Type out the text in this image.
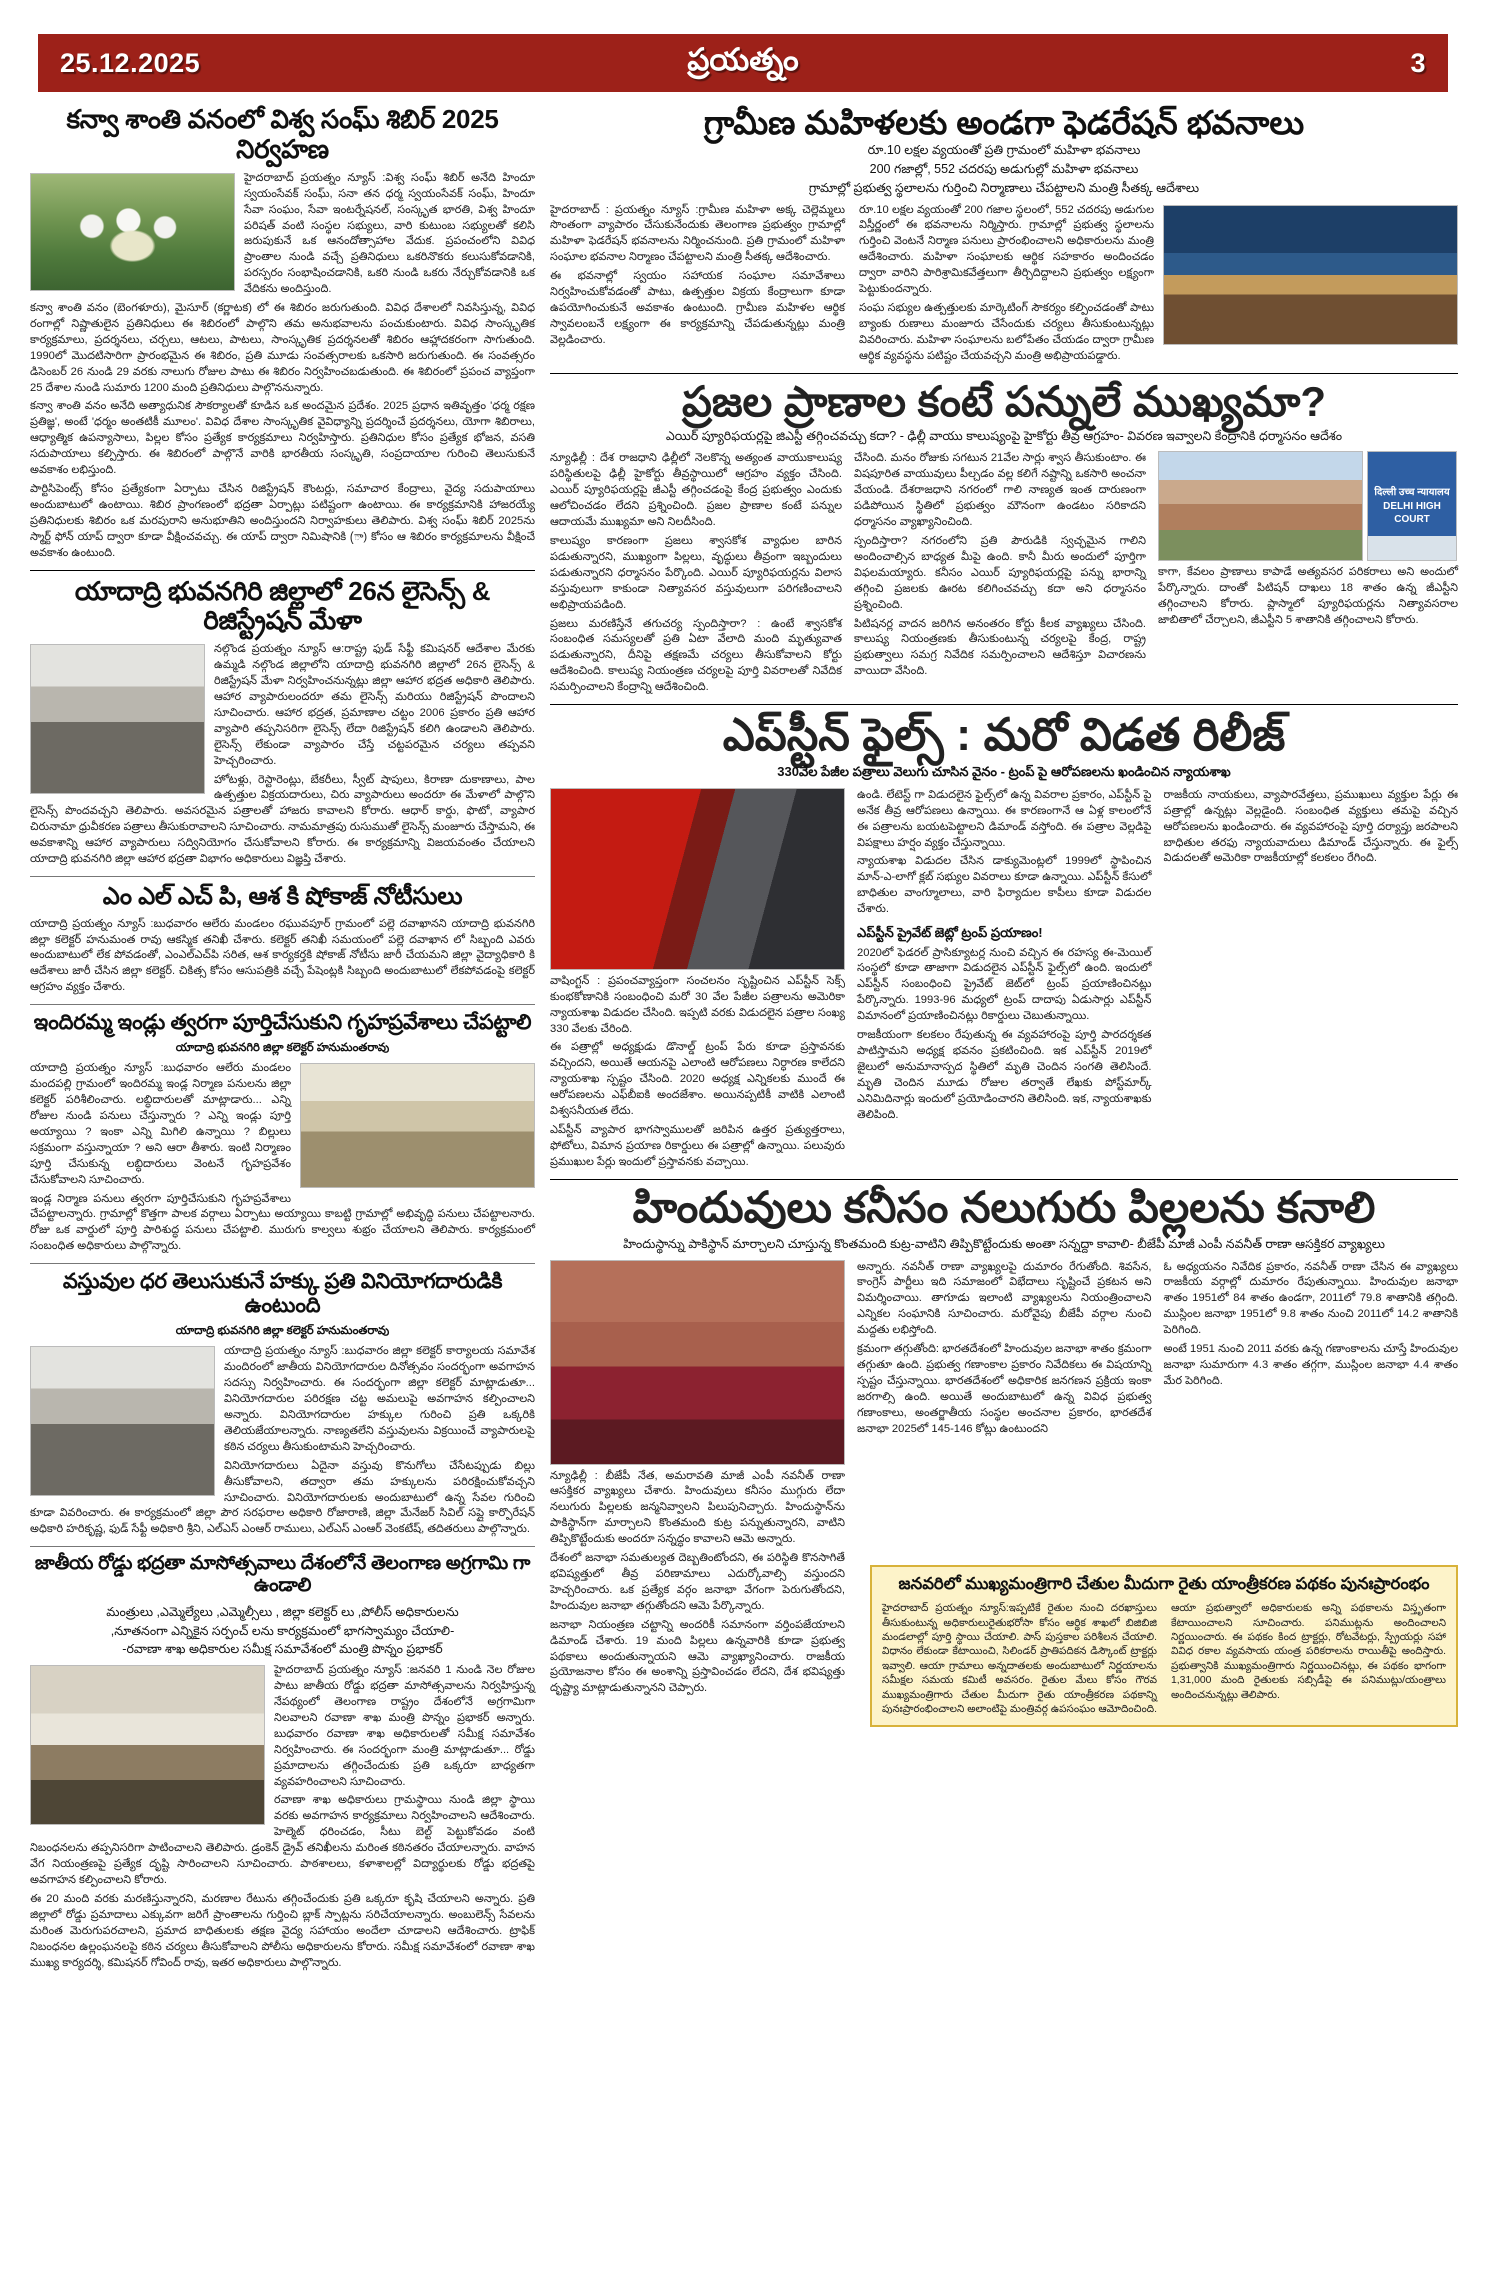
25.12.2025	ప్రయత్నం	3
కన్వా శాంతి వనంలో విశ్వ సంఘ్ శిబిర్ 2025 నిర్వహణ
హైదరాబాద్ ప్రయత్నం న్యూస్ :విశ్వ సంఘ్ శిబిర్ అనేది హిందూ స్వయంసేవక్ సంఘ్, సనా తన ధర్మ స్వయంసేవక్ సంఘ్, హిందూ సేవా సంఘం, సేవా ఇంటర్నేషనల్, సంస్కృత భారతి, విశ్వ హిందూ పరిషత్ వంటి సంస్థల సభ్యులు, వారి కుటుంబ సభ్యులతో కలిసి జరుపుకునే ఒక ఆనందోత్సాహాల వేదుక. ప్రపంచంలోని వివిధ ప్రాంతాల నుండి వచ్చే ప్రతినిధులు ఒకరినొకరు కలుసుకోవడానికి, పరస్పరం సంభాషించడానికి, ఒకరి నుండి ఒకరు నేర్చుకోవడానికి ఒక వేదికను అందిస్తుంది.
కన్వా శాంతి వనం (బెంగళూరు), మైసూర్ (కర్ణాటక) లో ఈ శిబిరం జరుగుతుంది. వివిధ దేశాలలో నివసిస్తున్న, వివిధ రంగాల్లో నిష్ణాతులైన ప్రతినిధులు ఈ శిబిరంలో పాల్గొని తమ అనుభవాలను పంచుకుంటారు. వివిధ సాంస్కృతిక కార్యక్రమాలు, ప్రదర్శనలు, చర్చలు, ఆటలు, పాటలు, సాంస్కృతిక ప్రదర్శనలతో శిబిరం ఆహ్లాదకరంగా సాగుతుంది. 1990లో మొదటిసారిగా ప్రారంభమైన ఈ శిబిరం, ప్రతి మూడు సంవత్సరాలకు ఒకసారి జరుగుతుంది. ఈ సంవత్సరం డిసెంబర్ 26 నుండి 29 వరకు నాలుగు రోజుల పాటు ఈ శిబిరం నిర్వహించబడుతుంది. ఈ శిబిరంలో ప్రపంచ వ్యాప్తంగా 25 దేశాల నుండి సుమారు 1200 మంది ప్రతినిధులు పాల్గొననున్నారు.
కన్వా శాంతి వనం అనేది అత్యాధునిక సౌకర్యాలతో కూడిన ఒక అందమైన ప్రదేశం. 2025 ప్రధాన ఇతివృత్తం 'ధర్మ రక్షణ ప్రతిజ్ఞ', అంటే 'ధర్మం అంతటికీ మూలం'. వివిధ దేశాల సాంస్కృతిక వైవిధ్యాన్ని ప్రదర్శించే ప్రదర్శనలు, యోగా శిబిరాలు, ఆధ్యాత్మిక ఉపన్యాసాలు, పిల్లల కోసం ప్రత్యేక కార్యక్రమాలు నిర్వహిస్తారు. ప్రతినిధుల కోసం ప్రత్యేక భోజన, వసతి సదుపాయాలు కల్పిస్తారు. ఈ శిబిరంలో పాల్గొనే వారికి భారతీయ సంస్కృతి, సంప్రదాయాల గురించి తెలుసుకునే అవకాశం లభిస్తుంది.
పార్టిసిపెంట్స్ కోసం ప్రత్యేకంగా ఏర్పాటు చేసిన రిజిస్ట్రేషన్ కౌంటర్లు, సమాచార కేంద్రాలు, వైద్య సదుపాయాలు అందుబాటులో ఉంటాయి. శిబిర ప్రాంగణంలో భద్రతా ఏర్పాట్లు పటిష్టంగా ఉంటాయి. ఈ కార్యక్రమానికి హాజరయ్యే ప్రతినిధులకు శిబిరం ఒక మరపురాని అనుభూతిని అందిస్తుందని నిర్వాహకులు తెలిపారు. విశ్వ సంఘ్ శిబిర్ 2025ను స్మార్ట్ ఫోన్ యాప్ ద్వారా కూడా వీక్షించవచ్చు. ఈ యాప్ ద్వారా నిమిషానికి (ా) కోసం ఆ శిబిరం కార్యక్రమాలను వీక్షించే అవకాశం ఉంటుంది.
యాదాద్రి భువనగిరి జిల్లాలో 26న లైసెన్స్ & రిజిస్ట్రేషన్ మేళా
నల్గొండ ప్రయత్నం న్యూస్ ఆ:రాష్ట్ర ఫుడ్ సేఫ్టీ కమిషనర్ ఆదేశాల మేరకు ఉమ్మడి నల్గొండ జిల్లాలోని యాదాద్రి భువనగిరి జిల్లాలో 26న లైసెన్స్ & రిజిస్ట్రేషన్ మేళా నిర్వహించనున్నట్లు జిల్లా ఆహార భద్రత అధికారి తెలిపారు. ఆహార వ్యాపారులందరూ తమ లైసెన్స్ మరియు రిజిస్ట్రేషన్ పొందాలని సూచించారు. ఆహార భద్రత, ప్రమాణాల చట్టం 2006 ప్రకారం ప్రతి ఆహార వ్యాపారి తప్పనిసరిగా లైసెన్స్ లేదా రిజిస్ట్రేషన్ కలిగి ఉండాలని తెలిపారు. లైసెన్స్ లేకుండా వ్యాపారం చేస్తే చట్టపరమైన చర్యలు తప్పవని హెచ్చరించారు.
హోటళ్లు, రెస్టారెంట్లు, బేకరీలు, స్వీట్ షాపులు, కిరాణా దుకాణాలు, పాల ఉత్పత్తుల విక్రయదారులు, చిరు వ్యాపారులు అందరూ ఈ మేళాలో పాల్గొని లైసెన్స్ పొందవచ్చని తెలిపారు. అవసరమైన పత్రాలతో హాజరు కావాలని కోరారు. ఆధార్ కార్డు, ఫొటో, వ్యాపార చిరునామా ధ్రువీకరణ పత్రాలు తీసుకురావాలని సూచించారు. నామమాత్రపు రుసుముతో లైసెన్స్ మంజూరు చేస్తామని, ఈ అవకాశాన్ని ఆహార వ్యాపారులు సద్వినియోగం చేసుకోవాలని కోరారు. ఈ కార్యక్రమాన్ని విజయవంతం చేయాలని యాదాద్రి భువనగిరి జిల్లా ఆహార భద్రతా విభాగం అధికారులు విజ్ఞప్తి చేశారు.
ఎం ఎల్ ఎచ్ పి, ఆశ కి షోకాజ్ నోటీసులు
యాదాద్రి ప్రయత్నం న్యూస్ :బుధవారం ఆలేరు మండలం రఘువపూర్ గ్రామంలో పల్లె దవాఖానని యాదాద్రి భువనగిరి జిల్లా కలెక్టర్ హనుమంత రావు ఆకస్మిక తనిఖీ చేశారు. కలెక్టర్ తనిఖీ సమయంలో పల్లె దవాఖాన లో సిబ్బంది ఎవరు అందుబాటులో లేక పోవడంతో, ఎంఎల్ఎచ్‌పి సరిత, ఆశ కార్యకర్తకి షోకాజ్ నోటీసు జారీ చేయమని జిల్లా వైద్యాధికారి కి ఆదేశాలు జారీ చేసిన జిల్లా కలెక్టర్. చికిత్స కోసం ఆసుపత్రికి వచ్చే పేషెంట్లకి సిబ్బంది అందుబాటులో లేకపోవడంపై కలెక్టర్ ఆగ్రహం వ్యక్తం చేశారు.
ఇందిరమ్మ ఇండ్లు త్వరగా పూర్తిచేసుకుని గృహప్రవేశాలు చేపట్టాలి
యాదాద్రి భువనగిరి జిల్లా కలెక్టర్ హనుమంతరావు
యాదాద్రి ప్రయత్నం న్యూస్ :బుధవారం ఆలేరు మండలం మందపల్లి గ్రామంలో ఇందిరమ్మ ఇండ్ల నిర్మాణ పనులను జిల్లా కలెక్టర్ పరిశీలించారు. లబ్ధిదారులతో మాట్లాడారు... ఎన్ని రోజుల నుండి పనులు చేస్తున్నారు ? ఎన్ని ఇండ్లు పూర్తి అయ్యాయి ? ఇంకా ఎన్ని మిగిలి ఉన్నాయి ? బిల్లులు సక్రమంగా వస్తున్నాయా ? అని ఆరా తీశారు. ఇంటి నిర్మాణం పూర్తి చేసుకున్న లబ్ధిదారులు వెంటనే గృహప్రవేశం చేసుకోవాలని సూచించారు.
ఇండ్ల నిర్మాణ పనులు త్వరగా పూర్తిచేసుకుని గృహప్రవేశాలు చేపట్టాలన్నారు. గ్రామాల్లో కొత్తగా పాలక వర్గాలు ఏర్పాటు అయ్యాయి కాబట్టి గ్రామాల్లో అభివృద్ధి పనులు చేపట్టాలనారు. రోజు ఒక వార్డులో పూర్తి పారిశుద్ధ పనులు చేపట్టాలి. మురుగు కాల్వలు శుభ్రం చేయాలని తెలిపారు. కార్యక్రమంలో సంబంధిత అధికారులు పాల్గొన్నారు.
వస్తువుల ధర తెలుసుకునే హక్కు ప్రతి వినియోగదారుడికి ఉంటుంది
యాదాద్రి భువనగిరి జిల్లా కలెక్టర్ హనుమంతరావు
యాదాద్రి ప్రయత్నం న్యూస్ :బుధవారం జిల్లా కలెక్టర్ కార్యాలయ సమావేశ మందిరంలో జాతీయ వినియోగదారుల దినోత్సవం సందర్భంగా అవగాహన సదస్సు నిర్వహించారు. ఈ సందర్భంగా జిల్లా కలెక్టర్ మాట్లాడుతూ... వినియోగదారుల పరిరక్షణ చట్ట అమలుపై అవగాహన కల్పించాలని అన్నారు. వినియోగదారుల హక్కుల గురించి ప్రతి ఒక్కరికి తెలియజేయాలన్నారు. నాణ్యతలేని వస్తువులను విక్రయించే వ్యాపారులపై కఠిన చర్యలు తీసుకుంటామని హెచ్చరించారు.
వినియోగదారులు ఏదైనా వస్తువు కొనుగోలు చేసేటప్పుడు బిల్లు తీసుకోవాలని, తద్వారా తమ హక్కులను పరిరక్షించుకోవచ్చని సూచించారు. వినియోగదారులకు అందుబాటులో ఉన్న సేవల గురించి కూడా వివరించారు. ఈ కార్యక్రమంలో జిల్లా పౌర సరఫరాల అధికారి రోజారాణి, జిల్లా మేనేజర్ సివిల్ సప్లై కార్పొరేషన్ అధికారి హరికృష్ణ, ఫుడ్ సేఫ్టీ అధికారి శ్రీని, ఎల్ఎస్ ఎంఆర్ రాములు, ఎల్ఎస్ ఎంఆర్ వెంకటేష్, తదితరులు పాల్గొన్నారు.
జాతీయ రోడ్డు భద్రతా మాసోత్సవాలు దేశంలోనే తెలంగాణ అగ్రగామి గా ఉండాలి
మంత్రులు ,ఎమ్మెల్యేలు ,ఎమ్మెల్సీలు , జిల్లా కలెక్టర్ లు ,పోలీస్ అధికారులను
,నూతనంగా ఎన్నికైన సర్పంచ్ లను కార్యక్రమంలో భాగస్వామ్యం చేయాలి-
-రవాణా శాఖ అధికారుల సమీక్ష సమావేశంలో మంత్రి పొన్నం ప్రభాకర్
హైదరాబాద్ ప్రయత్నం న్యూస్ :జనవరి 1 నుండి నెల రోజుల పాటు జాతీయ రోడ్డు భద్రతా మాసోత్సవాలను నిర్వహిస్తున్న నేపథ్యంలో తెలంగాణ రాష్ట్రం దేశంలోనే అగ్రగామిగా నిలవాలని రవాణా శాఖ మంత్రి పొన్నం ప్రభాకర్ అన్నారు. బుధవారం రవాణా శాఖ అధికారులతో సమీక్ష సమావేశం నిర్వహించారు. ఈ సందర్భంగా మంత్రి మాట్లాడుతూ... రోడ్డు ప్రమాదాలను తగ్గించేందుకు ప్రతి ఒక్కరూ బాధ్యతగా వ్యవహరించాలని సూచించారు.
రవాణా శాఖ అధికారులు గ్రామస్థాయి నుండి జిల్లా స్థాయి వరకు అవగాహన కార్యక్రమాలు నిర్వహించాలని ఆదేశించారు. హెల్మెట్ ధరించడం, సీటు బెల్ట్ పెట్టుకోవడం వంటి నిబంధనలను తప్పనిసరిగా పాటించాలని తెలిపారు. డ్రంకెన్ డ్రైవ్ తనిఖీలను మరింత కఠినతరం చేయాలన్నారు. వాహన వేగ నియంత్రణపై ప్రత్యేక దృష్టి సారించాలని సూచించారు. పాఠశాలలు, కళాశాలల్లో విద్యార్థులకు రోడ్డు భద్రతపై అవగాహన కల్పించాలని కోరారు.
ఈ 20 మంది వరకు మరణిస్తున్నారని, మరణాల రేటును తగ్గించేందుకు ప్రతి ఒక్కరూ కృషి చేయాలని అన్నారు. ప్రతి జిల్లాలో రోడ్డు ప్రమాదాలు ఎక్కువగా జరిగే ప్రాంతాలను గుర్తించి బ్లాక్ స్పాట్లను సరిచేయాలన్నారు. అంబులెన్స్ సేవలను మరింత మెరుగుపరచాలని, ప్రమాద బాధితులకు తక్షణ వైద్య సహాయం అందేలా చూడాలని ఆదేశించారు. ట్రాఫిక్ నిబంధనల ఉల్లంఘనలపై కఠిన చర్యలు తీసుకోవాలని పోలీసు అధికారులను కోరారు. సమీక్ష సమావేశంలో రవాణా శాఖ ముఖ్య కార్యదర్శి, కమిషనర్ గోవింద్ రావు, ఇతర అధికారులు పాల్గొన్నారు.
గ్రామీణ మహిళలకు అండగా ఫెడరేషన్ భవనాలు
రూ.10 లక్షల వ్యయంతో ప్రతి గ్రామంలో మహిళా భవనాలు
200 గజాల్లో, 552 చదరపు అడుగుల్లో మహిళా భవనాలు
గ్రామాల్లో ప్రభుత్వ స్థలాలను గుర్తించి నిర్మాణాలు చేపట్టాలని మంత్రి సీతక్క ఆదేశాలు
హైదరాబాద్ : ప్రయత్నం న్యూస్ :గ్రామీణ మహిళా అక్క చెల్లెమ్మలు సొంతంగా వ్యాపారం చేసుకునేందుకు తెలంగాణ ప్రభుత్వం గ్రామాల్లో మహిళా ఫెడరేషన్ భవనాలను నిర్మించనుంది. ప్రతి గ్రామంలో మహిళా సంఘాల భవనాల నిర్మాణం చేపట్టాలని మంత్రి సీతక్క ఆదేశించారు.
ఈ భవనాల్లో స్వయం సహాయక సంఘాల సమావేశాలు నిర్వహించుకోవడంతో పాటు, ఉత్పత్తుల విక్రయ కేంద్రాలుగా కూడా ఉపయోగించుకునే అవకాశం ఉంటుంది. గ్రామీణ మహిళల ఆర్థిక స్వావలంబనే లక్ష్యంగా ఈ కార్యక్రమాన్ని చేపడుతున్నట్లు మంత్రి వెల్లడించారు.
రూ.10 లక్షల వ్యయంతో 200 గజాల స్థలంలో, 552 చదరపు అడుగుల విస్తీర్ణంలో ఈ భవనాలను నిర్మిస్తారు. గ్రామాల్లో ప్రభుత్వ స్థలాలను గుర్తించి వెంటనే నిర్మాణ పనులు ప్రారంభించాలని అధికారులను మంత్రి ఆదేశించారు. మహిళా సంఘాలకు ఆర్థిక సహకారం అందించడం ద్వారా వారిని పారిశ్రామికవేత్తలుగా తీర్చిదిద్దాలని ప్రభుత్వం లక్ష్యంగా పెట్టుకుందన్నారు.
సంఘ సభ్యుల ఉత్పత్తులకు మార్కెటింగ్ సౌకర్యం కల్పించడంతో పాటు బ్యాంకు రుణాలు మంజూరు చేసేందుకు చర్యలు తీసుకుంటున్నట్లు వివరించారు. మహిళా సంఘాలను బలోపేతం చేయడం ద్వారా గ్రామీణ ఆర్థిక వ్యవస్థను పటిష్టం చేయవచ్చని మంత్రి అభిప్రాయపడ్డారు.
ప్రజల ప్రాణాల కంటే పన్నులే ముఖ్యమా?
ఎయిర్ ప్యూరిఫయర్లపై జిఎస్టీ తగ్గించవచ్చు కదా? - ఢిల్లీ వాయు కాలుష్యంపై హైకోర్టు తీవ్ర ఆగ్రహం- వివరణ ఇవ్వాలని కేంద్రానికి ధర్మాసనం ఆదేశం
న్యూఢిల్లీ : దేశ రాజధాని ఢిల్లీలో నెలకొన్న అత్యంత వాయుకాలుష్య పరిస్థితులపై ఢిల్లీ హైకోర్టు తీవ్రస్థాయిలో ఆగ్రహం వ్యక్తం చేసింది. ఎయిర్ ప్యూరిఫయర్లపై జీఎస్టీ తగ్గించడంపై కేంద్ర ప్రభుత్వం ఎందుకు ఆలోచించడం లేదని ప్రశ్నించింది. ప్రజల ప్రాణాల కంటే పన్నుల ఆదాయమే ముఖ్యమా అని నిలదీసింది.
కాలుష్యం కారణంగా ప్రజలు శ్వాసకోశ వ్యాధుల బారిన పడుతున్నారని, ముఖ్యంగా పిల్లలు, వృద్ధులు తీవ్రంగా ఇబ్బందులు పడుతున్నారని ధర్మాసనం పేర్కొంది. ఎయిర్ ప్యూరిఫయర్లను విలాస వస్తువులుగా కాకుండా నిత్యావసర వస్తువులుగా పరిగణించాలని అభిప్రాయపడింది.
ప్రజలు మరణిస్తేనే తగుచర్య స్పందిస్తారా? : ఉంటే శ్వాసకోశ సంబంధిత సమస్యలతో ప్రతి ఏటా వేలాది మంది మృత్యువాత పడుతున్నారని, దీనిపై తక్షణమే చర్యలు తీసుకోవాలని కోర్టు ఆదేశించింది. కాలుష్య నియంత్రణ చర్యలపై పూర్తి వివరాలతో నివేదిక సమర్పించాలని కేంద్రాన్ని ఆదేశించింది.
చేసింది. మనం రోజుకు సగటున 21వేల సార్లు శ్వాస తీసుకుంటాం. ఈ విషపూరిత వాయువులు పీల్చడం వల్ల కలిగే నష్టాన్ని ఒకసారి అంచనా వేయండి. దేశరాజధాని నగరంలో గాలి నాణ్యత ఇంత దారుణంగా పడిపోయిన స్థితిలో ప్రభుత్వం మౌనంగా ఉండటం సరికాదని ధర్మాసనం వ్యాఖ్యానించింది.
స్పందిస్తారా? నగరంలోని ప్రతి పౌరుడికి స్వచ్ఛమైన గాలిని అందించాల్సిన బాధ్యత మీపై ఉంది. కానీ మీరు అందులో పూర్తిగా విఫలమయ్యారు. కనీసం ఎయిర్ ప్యూరిఫయర్లపై పన్ను భారాన్ని తగ్గించి ప్రజలకు ఊరట కలిగించవచ్చు కదా అని ధర్మాసనం ప్రశ్నించింది.
పిటిషనర్ల వాదన జరిగిన అనంతరం కోర్టు కీలక వ్యాఖ్యలు చేసింది. కాలుష్య నియంత్రణకు తీసుకుంటున్న చర్యలపై కేంద్ర, రాష్ట్ర ప్రభుత్వాలు సమగ్ర నివేదిక సమర్పించాలని ఆదేశిస్తూ విచారణను వాయిదా వేసింది.
दिल्ली उच्च न्यायालय DELHI HIGH COURT
కాగా, కేవలం ప్రాణాలు కాపాడే అత్యవసర పరికరాలు అని అందులో పేర్కొన్నారు. దాంతో పిటిషన్ దాఖలు 18 శాతం ఉన్న జీఎస్టీని తగ్గించాలని కోరారు. ప్లాస్మాలో ప్యూరిఫయర్లను నిత్యావసరాల జాబితాలో చేర్చాలని, జీఎస్టీని 5 శాతానికి తగ్గించాలని కోరారు.
ఎప్‌స్టీన్ ఫైల్స్ : మరో విడత రిలీజ్
330వేల పేజీల పత్రాలు వెలుగు చూసిన వైనం - ట్రంప్ పై ఆరోపణలను ఖండించిన న్యాయశాఖ
వాషింగ్టన్ : ప్రపంచవ్యాప్తంగా సంచలనం సృష్టించిన ఎప్‌స్టీన్ సెక్స్ కుంభకోణానికి సంబంధించి మరో 30 వేల పేజీల పత్రాలను అమెరికా న్యాయశాఖ విడుదల చేసింది. ఇప్పటి వరకు విడుదలైన పత్రాల సంఖ్య 330 వేలకు చేరింది.
ఈ పత్రాల్లో అధ్యక్షుడు డొనాల్డ్ ట్రంప్ పేరు కూడా ప్రస్తావనకు వచ్చిందని, అయితే ఆయనపై ఎలాంటి ఆరోపణలు నిర్ధారణ కాలేదని న్యాయశాఖ స్పష్టం చేసింది. 2020 అధ్యక్ష ఎన్నికలకు ముందే ఈ ఆరోపణలను ఎఫ్‌బీఐకి అందజేశాం. అయినప్పటికీ వాటికి ఎలాంటి విశ్వసనీయత లేదు.
ఎప్‌స్టీన్ వ్యాపార భాగస్వాములతో జరిపిన ఉత్తర ప్రత్యుత్తరాలు, ఫోటోలు, విమాన ప్రయాణ రికార్డులు ఈ పత్రాల్లో ఉన్నాయి. పలువురు ప్రముఖుల పేర్లు ఇందులో ప్రస్తావనకు వచ్చాయి.
ఉండి. లేటెస్ట్ గా విడుదలైన ఫైల్స్‌లో ఉన్న వివరాల ప్రకారం, ఎప్‌స్టీన్ పై అనేక తీవ్ర ఆరోపణలు ఉన్నాయి. ఈ కారణంగానే ఆ ఏళ్ల కాలంలోనే ఈ పత్రాలను బయటపెట్టాలని డిమాండ్ వస్తోంది. ఈ పత్రాల వెల్లడిపై విపక్షాలు హర్షం వ్యక్తం చేస్తున్నాయి.
న్యాయశాఖ విడుదల చేసిన డాక్యుమెంట్లలో 1999లో స్థాపించిన మాన్-ఎ-లాగో క్లబ్ సభ్యుల వివరాలు కూడా ఉన్నాయి. ఎప్‌స్టీన్ కేసులో బాధితుల వాంగ్మూలాలు, వారి ఫిర్యాదుల కాపీలు కూడా విడుదల చేశారు.
ఎప్‌స్టీన్ ప్రైవేట్ జెట్లో ట్రంప్ ప్రయాణం!
2020లో ఫెడరల్ ప్రాసిక్యూటర్ల నుంచి వచ్చిన ఈ రహస్య ఈ-మెయిల్ సంస్థలో కూడా తాజాగా విడుదలైన ఎప్‌స్టీన్ ఫైల్స్‌లో ఉంది. ఇందులో ఎప్‌స్టీన్ సంబంధించి ప్రైవేట్ జెట్‌లో ట్రంప్ ప్రయాణించినట్లు పేర్కొన్నారు. 1993-96 మధ్యలో ట్రంప్ దాదాపు ఏడుసార్లు ఎప్‌స్టీన్ విమానంలో ప్రయాణించినట్లు రికార్డులు చెబుతున్నాయి.
రాజకీయంగా కలకలం రేపుతున్న ఈ వ్యవహారంపై పూర్తి పారదర్శకత పాటిస్తామని అధ్యక్ష భవనం ప్రకటించింది. ఇక ఎప్‌స్టీన్ 2019లో జైలులో అనుమానాస్పద స్థితిలో మృతి చెందిన సంగతి తెలిసిందే. మృతి చెందిన మూడు రోజుల తర్వాతే లేఖకు పోస్ట్‌మార్క్ ఎనిమిదినార్లు ఇందులో ప్రయోడించారని తెలిసింది. ఇక, న్యాయశాఖకు తెలిపింది.
రాజకీయ నాయకులు, వ్యాపారవేత్తలు, ప్రముఖులు వ్యక్తుల పేర్లు ఈ పత్రాల్లో ఉన్నట్లు వెల్లడైంది. సంబంధిత వ్యక్తులు తమపై వచ్చిన ఆరోపణలను ఖండించారు. ఈ వ్యవహారంపై పూర్తి దర్యాప్తు జరపాలని బాధితుల తరఫు న్యాయవాదులు డిమాండ్ చేస్తున్నారు. ఈ ఫైల్స్ విడుదలతో అమెరికా రాజకీయాల్లో కలకలం రేగింది.
హిందువులు కనీసం నలుగురు పిల్లలను కనాలి
హిందుస్థాన్ను పాకిస్థాన్ మార్చాలని చూస్తున్న కొంతమంది కుట్ర-వాటిని తిప్పికొట్టేందుకు అంతా సన్నద్దా కావాలి- బీజేపీ మాజీ ఎంపీ నవనీత్ రాణా ఆసక్తికర వ్యాఖ్యలు
న్యూఢిల్లీ : బీజేపీ నేత, అమరావతి మాజీ ఎంపీ నవనీత్ రాణా ఆసక్తికర వ్యాఖ్యలు చేశారు. హిందువులు కనీసం ముగ్గురు లేదా నలుగురు పిల్లలకు జన్మనివ్వాలని పిలుపునిచ్చారు. హిందుస్థాన్‌ను పాకిస్థాన్‌గా మార్చాలని కొంతమంది కుట్ర పన్నుతున్నారని, వాటిని తిప్పికొట్టేందుకు అందరూ సన్నద్ధం కావాలని ఆమె అన్నారు.
దేశంలో జనాభా సమతుల్యత దెబ్బతింటోందని, ఈ పరిస్థితి కొనసాగితే భవిష్యత్తులో తీవ్ర పరిణామాలు ఎదుర్కోవాల్సి వస్తుందని హెచ్చరించారు. ఒక ప్రత్యేక వర్గం జనాభా వేగంగా పెరుగుతోందని, హిందువుల జనాభా తగ్గుతోందని ఆమె పేర్కొన్నారు.
జనాభా నియంత్రణ చట్టాన్ని అందరికీ సమానంగా వర్తింపజేయాలని డిమాండ్ చేశారు. 19 మంది పిల్లలు ఉన్నవారికి కూడా ప్రభుత్వ పథకాలు అందుతున్నాయని ఆమె వ్యాఖ్యానించారు. రాజకీయ ప్రయోజనాల కోసం ఈ అంశాన్ని ప్రస్తావించడం లేదని, దేశ భవిష్యత్తు దృష్ట్యా మాట్లాడుతున్నానని చెప్పారు.
అన్నారు. నవనీత్ రాణా వ్యాఖ్యలపై దుమారం రేగుతోంది. శివసేన, కాంగ్రెస్ పార్టీలు ఇది సమాజంలో విభేదాలు సృష్టించే ప్రకటన అని విమర్శించాయి. తాగూడు ఇలాంటి వ్యాఖ్యలను నియంత్రించాలని ఎన్నికల సంఘానికి సూచించారు. మరోవైపు బీజేపీ వర్గాల నుంచి మద్దతు లభిస్తోంది.
క్రమంగా తగ్గుతోంది: భారతదేశంలో హిందువుల జనాభా శాతం క్రమంగా తగ్గుతూ ఉంది. ప్రభుత్వ గణాంకాల ప్రకారం నివేదికలు ఈ విషయాన్ని స్పష్టం చేస్తున్నాయి. భారతదేశంలో అధికారిక జనగణన ప్రక్రియ ఇంకా జరగాల్సి ఉంది. అయితే అందుబాటులో ఉన్న వివిధ ప్రభుత్వ గణాంకాలు, అంతర్జాతీయ సంస్థల అంచనాల ప్రకారం, భారతదేశ జనాభా 2025లో 145-146 కోట్లు ఉంటుందని
ఓ అధ్యయనం నివేదిక ప్రకారం, నవనీత్ రాణా చేసిన ఈ వ్యాఖ్యలు రాజకీయ వర్గాల్లో దుమారం రేపుతున్నాయి. హిందువుల జనాభా శాతం 1951లో 84 శాతం ఉండగా, 2011లో 79.8 శాతానికి తగ్గింది. ముస్లింల జనాభా 1951లో 9.8 శాతం నుంచి 2011లో 14.2 శాతానికి పెరిగింది.
అంటే 1951 నుంచి 2011 వరకు ఉన్న గణాంకాలను చూస్తే హిందువుల జనాభా సుమారుగా 4.3 శాతం తగ్గగా, ముస్లింల జనాభా 4.4 శాతం మేర పెరిగింది.
జనవరిలో ముఖ్యమంత్రిగారి చేతుల మీదుగా రైతు యాంత్రీకరణ పథకం పునఃప్రారంభం
హైదరాబాద్ ప్రయత్నం న్యూస్:ఇప్పటికే రైతుల నుంచి దరఖాస్తులు తీసుకుంటున్న అధికారులురైతుభరోసా కోసం ఆర్థిక శాఖలో బిజిబిజి మండలాల్లో పూర్తి స్థాయి చేయాలి. పాస్ పుస్తకాల పరిశీలన చేయాలి. విధానం లేకుండా కేటాయించి, సిలిండర్ ప్రాతిపదికన డిస్కౌంట్ ట్రాక్టర్లు ఇవ్వాలి. ఆయా గ్రామాలు అన్నదాతలకు అందుబాటులో నిర్ణయాలను సమీక్షల సమయ కమిటీ అవసరం. రైతుల మేలు కోసం గౌరవ ముఖ్యమంత్రిగారు చేతుల మీదుగా రైతు యాంత్రీకరణ పథకాన్ని పునఃప్రారంభించాలని అలాంటిపై మంత్రివర్గ ఉపసంఘం ఆమోదించింది. ఆయా ప్రభుత్వాలో అధికారులకు అన్ని పథకాలను విస్తృతంగా కేటాయించాలని సూచించారు. పనిముట్లను అందించాలని నిర్ణయించారు. ఈ పథకం కింద ట్రాక్టర్లు, రోటవేటర్లు, స్ప్రేయర్లు సహా వివిధ రకాల వ్యవసాయ యంత్ర పరికరాలను రాయితీపై అందిస్తారు. ప్రభుత్వానికి ముఖ్యమంత్రిగారు నిర్ణయించినట్లు, ఈ పథకం భాగంగా 1,31,000 మంది రైతులకు సబ్సిడీపై ఈ పనిముట్లు/యంత్రాలు అందించనున్నట్లు తెలిపారు.
